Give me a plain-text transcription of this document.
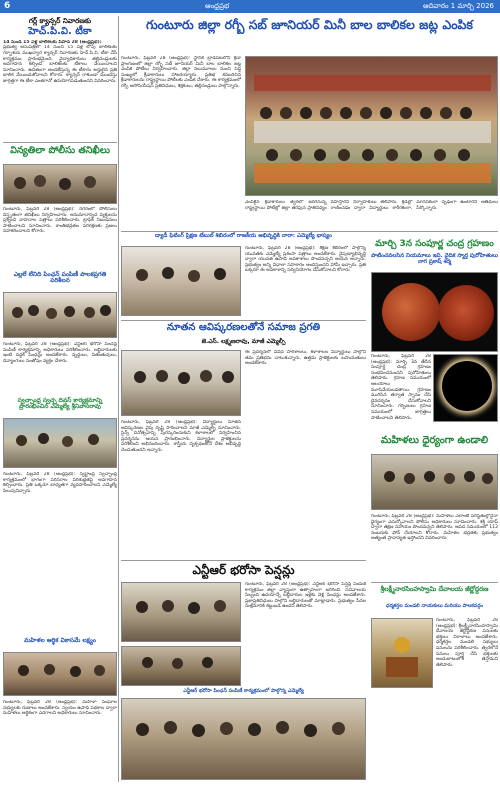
6	ఆంధ్రప్రభ	ఆదివారం 1 మార్చి 2026
గర్ల్ క్యాన్సర్ నివారణకు
హెచ్.పి.వి. టీకా
14 నుండి 15 ఏళ్ల బాలికలకు పీహెచ్ 28 (ఆంధ్రప్రభ):
ప్రభుత్వ ఆసుపత్రిలో 14 నుంచి 15 ఏళ్ల లోపు బాలికలకు గర్భాశయ ముఖద్వార క్యాన్సర్ నివారణకు హెచ్.పి.వి. టీకా వేసే కార్యక్రమం ప్రారంభమైంది. వైద్యాధికారులు తల్లిదండ్రులకు అవగాహన కల్పించి బాలికలకు టీకాలు వేయించాలని సూచించారు. ఉచితంగా అందజేస్తున్న ఈ టీకాను అర్హులైన ప్రతి బాలిక వేయించుకోవాలని కోరారు. క్యాన్సర్ రాకుండా ముందస్తు జాగ్రత్తగా ఈ టీకా ఎంతగానో ఉపయోగపడుతుందని వివరించారు.
విన్యతిలా పోలీసు తనిఖీలు
గుంటూరు, ఫిబ్రవరి 28 (ఆంధ్రప్రభ): నగరంలో పోలీసులు విస్తృతంగా తనిఖీలు నిర్వహించారు. అనుమానాస్పద వ్యక్తులను ప్రశ్నించి వాహనాల పత్రాలు పరిశీలించారు. ట్రాఫిక్ నిబంధనలు పాటించాలని సూచించారు. శాంతిభద్రతల పరిరక్షణకు ప్రజలు సహకరించాలని కోరారు.
ఎల్లలే లేనిది పింఛన్ పంపిణీ పాలకప్రగతి పరిశీలన
గుంటూరు, ఫిబ్రవరి 28 (ఆంధ్రప్రభ): ఎన్టీఆర్ భరోసా పింఛన్ల పంపిణీ కార్యక్రమాన్ని అధికారులు పరిశీలించారు. లబ్ధిదారులకు ఇంటి వద్దకే పింఛన్లు అందజేశారు. వృద్ధులు, వితంతువులు, దివ్యాంగులు సంతోషం వ్యక్తం చేశారు.
స్వచ్ఛాంధ్ర స్వచ్ఛ దివస్ కార్యక్రమాన్ని ప్రారంభించిన ఎమ్మెల్యే శ్రీనివాసరావు
గుంటూరు, ఫిబ్రవరి 28 (ఆంధ్రప్రభ): స్వర్ణాంధ్ర స్వచ్ఛాంధ్ర కార్యక్రమంలో భాగంగా పరిసరాల పరిశుభ్రతపై అవగాహన కల్పించారు. ప్రతి ఒక్కరూ బాధ్యతగా వ్యవహరించాలని ఎమ్మెల్యే పిలుపునిచ్చారు.
మహిళల ఆర్థిక వికాసమే లక్ష్యం
గుంటూరు, ఫిబ్రవరి 28 (ఆంధ్రప్రభ): మహిళా సంఘాల సభ్యులకు రుణాలు అందజేశారు. స్వయం ఉపాధి పథకాల ద్వారా మహిళలు ఆర్థికంగా ఎదగాలని అధికారులు సూచించారు.
గుంటూరు జిల్లా రగ్బీ సబ్ జూనియర్ మినీ బాల బాలికల జట్ల ఎంపిక
గుంటూరు, ఫిబ్రవరి 28 (ఆంధ్రప్రభ): స్థానిక బ్రాడీపేటలోని క్రీడా ప్రాంగణంలో జిల్లా రగ్బీ సబ్ జూనియర్ మినీ బాల బాలికల జట్ల ఎంపిక పోటీలు నిర్వహించారు. జిల్లా నలుమూలల నుంచి పెద్ద సంఖ్యలో క్రీడాకారులు హాజరయ్యారు. ప్రతిభ కనబరిచిన క్రీడాకారులను రాష్ట్రస్థాయి పోటీలకు ఎంపిక చేశారు. ఈ కార్యక్రమంలో రగ్బీ అసోసియేషన్ ప్రతినిధులు, శిక్షకులు, తల్లిదండ్రులు పాల్గొన్నారు.
ఎంపికైన క్రీడాకారులు త్వరలో జరగనున్న రాష్ట్రస్థాయి పోటీల్లో జిల్లా తరఫున ప్రాతినిధ్యం వహిస్తారని నిర్వాహకులు తెలిపారు. క్రీడల్లో రాణించడం ద్వారా విద్యార్థులు శారీరకంగా, మానసికంగా దృఢంగా ఉంటారని అతిథులు పేర్కొన్నారు.
డ్యాడీ ఫిటింగ్ ప్రిక్షణ టేబుల్ శిబిరంలో రాజకీయ అభివృద్ధికి నారా: ఎమ్మెల్యే భాష్యం
గుంటూరు, ఫిబ్రవరి 28 (ఆంధ్రప్రభ): శిక్షణ శిబిరంలో పాల్గొన్న యువతకు ఎమ్మెల్యే ప్రశంసా పత్రాలు అందజేశారు. నైపుణ్యాభివృద్ధి ద్వారా యువత ఉపాధి అవకాశాలు పొందవచ్చని ఆయన అన్నారు. ప్రభుత్వం అన్ని విధాలా సహకారం అందిస్తుందని హామీ ఇచ్చారు. ప్రతి ఒక్కరూ ఈ అవకాశాన్ని సద్వినియోగం చేసుకోవాలని కోరారు.
మార్చి 3న సంపూర్ణ చంద్ర గ్రహణం
పాటించవలసిన నియమాలు ఇవి. వైదిక స్మార్త పురోహితులు నాగ ప్రకాష్ శర్మ
గుంటూరు, ఫిబ్రవరి 28 (ఆంధ్రప్రభ): మార్చి 3వ తేదీన సంపూర్ణ చంద్ర గ్రహణం సంభవించనుందని పురోహితులు తెలిపారు. గ్రహణ సమయంలో ఆలయాలు మూసివేయబడతాయి. గ్రహణం ముగిసిన తర్వాత స్నానం చేసి దైవదర్శనం చేసుకోవాలని సూచించారు. గర్భిణులు గ్రహణ సమయంలో జాగ్రత్తలు పాటించాలని తెలిపారు.
నూతన ఆవిష్కరణలతోనే సమాజ ప్రగతి
జె.ఎస్. లక్ష్మణరావు, మాజీ ఎమ్మెల్సీ
గుంటూరు, ఫిబ్రవరి 28 (ఆంధ్రప్రభ): విద్యార్థులు నూతన ఆవిష్కరణల వైపు దృష్టి సారించాలని మాజీ ఎమ్మెల్సీ సూచించారు. సైన్స్ దినోత్సవాన్ని పురస్కరించుకుని కళాశాలలో నిర్వహించిన ప్రదర్శనను ఆయన ప్రారంభించారు. విద్యార్థుల ప్రాజెక్టులను పరిశీలించి అభినందించారు. శాస్త్రీయ దృక్పథంతోనే దేశం అభివృద్ధి చెందుతుందని అన్నారు.
ఈ ప్రదర్శనలో వివిధ పాఠశాలలు, కళాశాలల విద్యార్థులు పాల్గొని తమ ప్రతిభను చాటుకున్నారు. ఉత్తమ ప్రాజెక్టులకు బహుమతులు అందజేశారు.
మహిళలు ధైర్యంగా ఉండాలి
గుంటూరు, ఫిబ్రవరి 28 (ఆంధ్రప్రభ): మహిళలు ఎలాంటి పరిస్థితుల్లోనైనా ధైర్యంగా ఎదుర్కోవాలని పోలీసు అధికారులు సూచించారు. శక్తి యాప్ ద్వారా తక్షణ సహాయం పొందవచ్చని తెలిపారు. ఆపద సమయంలో 112 నంబరుకు ఫోన్ చేయాలని కోరారు. మహిళల భద్రతకు ప్రభుత్వం అత్యంత ప్రాధాన్యత ఇస్తోందని వివరించారు.
ఎన్టీఆర్ భరోసా పెన్షన్లు
గుంటూరు, ఫిబ్రవరి 28 (ఆంధ్రప్రభ): ఎన్టీఆర్ భరోసా పెన్షన్ల పంపిణీ కార్యక్రమం జిల్లా వ్యాప్తంగా ఉత్సాహంగా జరిగింది. సచివాలయ సిబ్బంది ఉదయాన్నే లబ్ధిదారుల ఇళ్లకు వెళ్లి పింఛన్లు అందజేశారు. ప్రజాప్రతినిధులు పాల్గొని లబ్ధిదారులతో మాట్లాడారు. ప్రభుత్వం పేదల సంక్షేమానికి కట్టుబడి ఉందని తెలిపారు.
ఎన్టీఆర్ భరోసా పింఛన్ పంపిణీ కార్యక్రమంలో పాల్గొన్న ఎమ్మెల్యే
శ్రీలక్ష్మీనారసింహస్వామి దేవాలయ జీర్ణోద్ధరణ
ధర్మకర్తల మండలి నాయకులు మరియు పాలకవర్గం
గుంటూరు, ఫిబ్రవరి 28 (ఆంధ్రప్రభ): శ్రీలక్ష్మీనారసింహస్వామి దేవాలయ జీర్ణోద్ధరణ పనులకు భక్తులు విరాళాలు అందజేశారు. ధర్మకర్తల మండలి సభ్యులు పనులను పరిశీలించారు. త్వరలోనే పనులు పూర్తి చేసి భక్తులకు అందుబాటులోకి తెస్తామని తెలిపారు.
